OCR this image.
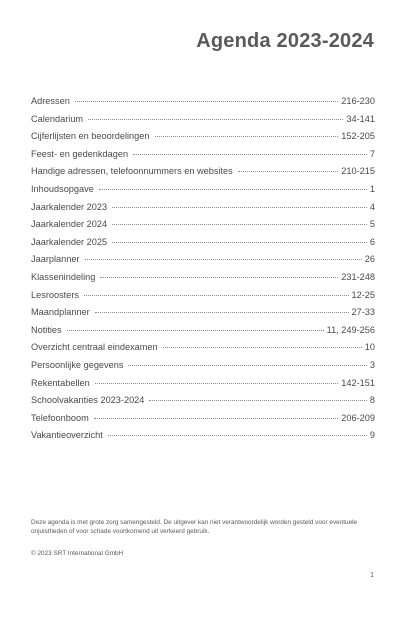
Agenda 2023-2024
Adressen	216-230
Calendarium	34-141
Cijferlijsten en beoordelingen	152-205
Feest- en gedenkdagen	7
Handige adressen, telefoonnummers en websites	210-215
Inhoudsopgave	1
Jaarkalender 2023	4
Jaarkalender 2024	5
Jaarkalender 2025	6
Jaarplanner	26
Klassenindeling	231-248
Lesroosters	12-25
Maandplanner	27-33
Notities	11, 249-256
Overzicht centraal eindexamen	10
Persoonlijke gegevens	3
Rekentabellen	142-151
Schoolvakanties 2023-2024	8
Telefoonboom	206-209
Vakantieoverzicht	9

Deze agenda is met grote zorg samengesteld. De uitgever kan niet verantwoordelijk worden gesteld voor eventuele onjuistheden of voor schade voortkomend uit verkeerd gebruik.

© 2023 SRT International GmbH

1
